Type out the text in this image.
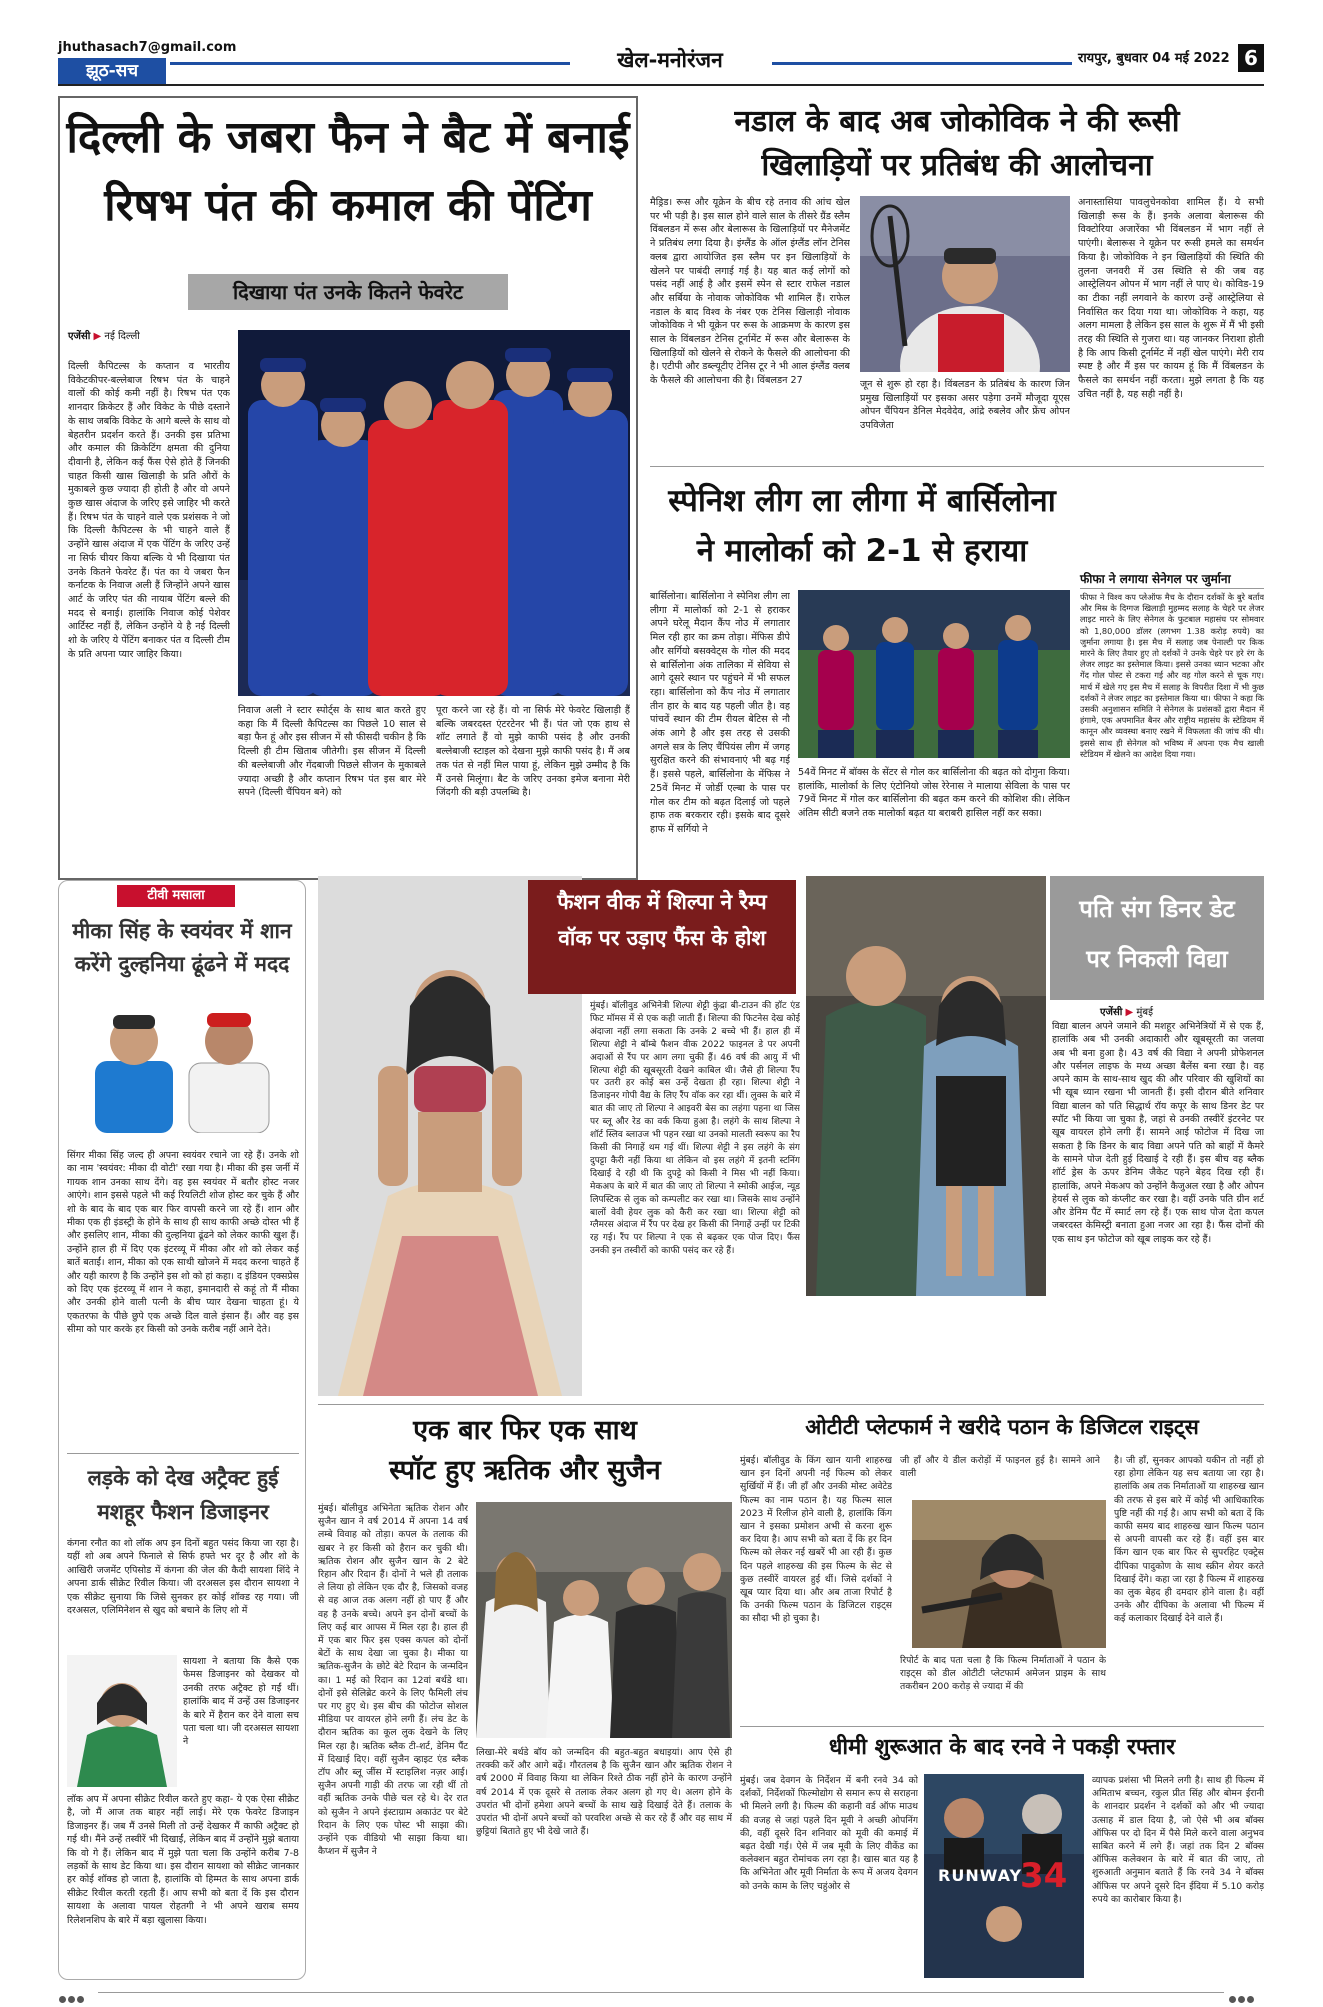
jhuthasach7@gmail.com
झूठ-सच	खेल-मनोरंजन	रायपुर, बुधवार 04 मई 2022 6
दिल्ली के जबरा फैन ने बैट में बनाई
रिषभ पंत की कमाल की पेंटिंग
दिखाया पंत उनके कितने फेवरेट
एजेंसी ▶ नई दिल्ली
दिल्ली कैपिटल्स के कप्तान व भारतीय विकेटकीपर-बल्लेबाज रिषभ पंत के चाहने वालों की कोई कमी नहीं है। रिषभ पंत एक शानदार क्रिकेटर हैं और विकेट के पीछे दस्ताने के साथ जबकि विकेट के आगे बल्ले के साथ वो बेहतरीन प्रदर्शन करते हैं। उनकी इस प्रतिभा और कमाल की क्रिकेटिंग क्षमता की दुनिया दीवानी है, लेकिन कई फैंस ऐसे होते हैं जिनकी चाहत किसी खास खिलाड़ी के प्रति औरों के मुकाबले कुछ ज्यादा ही होती है और वो अपने कुछ खास अंदाज के जरिए इसे जाहिर भी करते हैं। रिषभ पंत के चाहने वाले एक प्रशंसक ने जो कि दिल्ली कैपिटल्स के भी चाहने वाले हैं उन्होंने खास अंदाज में एक पेंटिंग के जरिए उन्हें ना सिर्फ चीयर किया बल्कि ये भी दिखाया पंत उनके कितने फेवरेट हैं। पंत का ये जबरा फैन कर्नाटक के निवाज अली हैं जिन्होंने अपने खास आर्ट के जरिए पंत की नायाब पेंटिंग बल्ले की मदद से बनाई। हालांकि निवाज कोई पेशेवर आर्टिस्ट नहीं हैं, लेकिन उन्होंने ये है नई दिल्ली शो के जरिए ये पेंटिंग बनाकर पंत व दिल्ली टीम के प्रति अपना प्यार जाहिर किया।
निवाज अली ने स्टार स्पोर्ट्स के साथ बात करते हुए कहा कि मैं दिल्ली कैपिटल्स का पिछले 10 साल से बड़ा फैन हूं और इस सीजन में सौ फीसदी चकीन है कि दिल्ली ही टीम खिताब जीतेगी। इस सीजन में दिल्ली की बल्लेबाजी और गेंदबाजी पिछले सीजन के मुकाबले ज्यादा अच्छी है और कप्तान रिषभ पंत इस बार मेरे सपने (दिल्ली चैंपियन बने) को
पूरा करने जा रहे हैं। वो ना सिर्फ मेरे फेवरेट खिलाड़ी हैं बल्कि जबरदस्त एंटरटेनर भी हैं। पंत जो एक हाथ से शॉट लगाते हैं वो मुझे काफी पसंद है और उनकी बल्लेबाजी स्टाइल को देखना मुझे काफी पसंद है। मैं अब तक पंत से नहीं मिल पाया हूं, लेकिन मुझे उम्मीद है कि मैं उनसे मिलूंगा। बैट के जरिए उनका इमेज बनाना मेरी जिंदगी की बड़ी उपलब्धि है।
नडाल के बाद अब जोकोविक ने की रूसी
खिलाड़ियों पर प्रतिबंध की आलोचना
मैड्रिड। रूस और यूक्रेन के बीच रहे तनाव की आंच खेल पर भी पड़ी है। इस साल होने वाले साल के तीसरे ग्रैंड स्लैम विंबलडन में रूस और बेलारूस के खिलाड़ियों पर मैनेजमेंट ने प्रतिबंध लगा दिया है। इंग्लैंड के ऑल इंग्लैंड लॉन टेनिस क्लब द्वारा आयोजित इस स्लैम पर इन खिलाड़ियों के खेलने पर पाबंदी लगाई गई है। यह बात कई लोगों को पसंद नहीं आई है और इसमें स्पेन से स्टार राफेल नडाल और सर्बिया के नोवाक जोकोविक भी शामिल हैं। राफेल नडाल के बाद विश्व के नंबर एक टेनिस खिलाड़ी नोवाक जोकोविक ने भी यूक्रेन पर रूस के आक्रमण के कारण इस साल के विंबलडन टेनिस टूर्नामेंट में रूस और बेलारूस के खिलाड़ियों को खेलने से रोकने के फैसले की आलोचना की है। एटीपी और डब्ल्यूटीए टेनिस टूर ने भी आल इंग्लैंड क्लब के फैसले की आलोचना की है। विंबलडन 27	जून से शुरू हो रहा है। विंबलडन के प्रतिबंध के कारण जिन प्रमुख खिलाड़ियों पर इसका असर पड़ेगा उनमें मौजूदा यूएस ओपन चैंपियन डेनिल मेदवेदेव, आंद्रे रुबलेव और फ्रेंच ओपन उपविजेता
अनास्तासिया पावलुचेनकोवा शामिल हैं। ये सभी खिलाड़ी रूस के हैं। इनके अलावा बेलारूस की विक्टोरिया अजारेंका भी विंबलडन में भाग नहीं ले पाएंगी। बेलारूस ने यूक्रेन पर रूसी हमले का समर्थन किया है। जोकोविक ने इन खिलाड़ियों की स्थिति की तुलना जनवरी में उस स्थिति से की जब वह आस्ट्रेलियन ओपन में भाग नहीं ले पाए थे। कोविड-19 का टीका नहीं लगवाने के कारण उन्हें आस्ट्रेलिया से निर्वासित कर दिया गया था। जोकोविक ने कहा, यह अलग मामला है लेकिन इस साल के शुरू में मैं भी इसी तरह की स्थिति से गुजरा था। यह जानकर निराशा होती है कि आप किसी टूर्नामेंट में नहीं खेल पाएंगे। मेरी राय स्पष्ट है और मैं इस पर कायम हूं कि मैं विंबलडन के फैसले का समर्थन नहीं करता। मुझे लगता है कि यह उचित नहीं है, यह सही नहीं है।
स्पेनिश लीग ला लीगा में बार्सिलोना
ने मालोर्का को 2-1 से हराया
बार्सिलोना। बार्सिलोना ने स्पेनिश लीग ला लीगा में मालोर्का को 2-1 से हराकर अपने घरेलू मैदान कैंप नोउ में लगातार मिल रही हार का क्रम तोड़ा। मेंफिस डीपे और सर्गियो बसक्वेट्स के गोल की मदद से बार्सिलोना अंक तालिका में सेविया से आगे दूसरे स्थान पर पहुंचने में भी सफल रहा। बार्सिलोना को कैंप नोउ में लगातार तीन हार के बाद यह पहली जीत है। वह पांचवें स्थान की टीम रीयल बेटिस से नौ अंक आगे है और इस तरह से उसकी अगले सत्र के लिए चैंपियंस लीग में जगह सुरक्षित करने की संभावनाएं भी बढ़ गई हैं। इससे पहले, बार्सिलोना के मेंफिस ने 25वें मिनट में जोर्डी एल्बा के पास पर गोल कर टीम को बढ़त दिलाई जो पहले हाफ तक बरकरार रही। इसके बाद दूसरे हाफ में सर्गियो ने
54वें मिनट में बॉक्स के सेंटर से गोल कर बार्सिलोना की बढ़त को दोगुना किया। हालांकि, मालोर्का के लिए एंटोनियो जोस रेरेनास ने मालाया सेविला के पास पर 79वें मिनट में गोल कर बार्सिलोना की बढ़त कम करने की कोशिश की। लेकिन अंतिम सीटी बजने तक मालोर्का बढ़त या बराबरी हासिल नहीं कर सका।
फीफा ने लगाया सेनेगल पर जुर्माना
फीफा ने विश्व कप प्लेऑफ मैच के दौरान दर्शकों के बुरे बर्ताव और मिस्र के दिग्गज खिलाड़ी मुहम्मद सलाह के चेहरे पर लेजर लाइट मारने के लिए सेनेगल के फुटबाल महासंघ पर सोमवार को 1,80,000 डॉलर (लगभग 1.38 करोड़ रुपये) का जुर्माना लगाया है। इस मैच में सलाह जब पेनाल्टी पर किक मारने के लिए तैयार हुए तो दर्शकों ने उनके चेहरे पर हरे रंग के लेजर लाइट का इस्तेमाल किया। इससे उनका ध्यान भटका और गेंद गोल पोस्ट से टकरा गई और वह गोल करने से चूक गए। मार्च में खेले गए इस मैच में सलाह के विपरीत दिशा में भी कुछ दर्शकों ने लेजर लाइट का इस्तेमाल किया था। फीफा ने कहा कि उसकी अनुशासन समिति ने सेनेगल के प्रशंसकों द्वारा मैदान में हंगामे, एक अपमानित बैनर और राष्ट्रीय महासंघ के स्टेडियम में कानून और व्यवस्था बनाए रखने में विफलता की जांच की थी। इससे साथ ही सेनेगल को भविष्य में अपना एक मैच खाली स्टेडियम में खेलने का आदेश दिया गया।
टीवी मसाला
मीका सिंह के स्वयंवर में शान करेंगे दुल्हनिया ढूंढने में मदद
सिंगर मीका सिंह जल्द ही अपना स्वयंवर रचाने जा रहे हैं। उनके शो का नाम 'स्वयंवर: मीका दी वोटी' रखा गया है। मीका की इस जर्नी में गायक शान उनका साथ देंगे। वह इस स्वयंवर में बतौर होस्ट नजर आएंगे। शान इससे पहले भी कई रियलिटी शोज होस्ट कर चुके हैं और शो के बाद के बाद एक बार फिर वापसी करने जा रहे हैं। शान और मीका एक ही इंडस्ट्री के होने के साथ ही साथ काफी अच्छे दोस्त भी हैं और इसलिए शान, मीका की दुल्हनिया ढूंढने को लेकर काफी खुश हैं। उन्होंने हाल ही में दिए एक इंटरव्यू में मीका और शो को लेकर कई बातें बताईं। शान, मीका को एक साथी खोजने में मदद करना चाहते हैं और यही कारण है कि उन्होंने इस शो को हां कहा। द इंडियन एक्सप्रेस को दिए एक इंटरव्यू में शान ने कहा, इमानदारी से कहूं तो मैं मीका और उनकी होने वाली पत्नी के बीच प्यार देखना चाहता हूं। ये एकतरफा के पीछे छुपे एक अच्छे दिल वाले इंसान हैं। और वह इस सीमा को पार करके हर किसी को उनके करीब नहीं आने देते।
लड़के को देख अट्रैक्ट हुई मशहूर फैशन डिजाइनर
कंगना रनौत का शो लॉक अप इन दिनों बहुत पसंद किया जा रहा है। यहीं शो अब अपने फिनाले से सिर्फ हफ्ते भर दूर है और शो के आखिरी जजमेंट एपिसोड में कंगना की जेल की कैदी सायशा शिंदे ने अपना डार्क सीक्रेट रिवील किया। जी दरअसल इस दौरान सायशा ने एक सीक्रेट सुनाया कि जिसे सुनकर हर कोई शॉक्ड रह गया। जी दरअसल, एलिमिनेशन से खुद को बचाने के लिए शो में
सायशा ने बताया कि कैसे एक फेमस डिजाइनर को देखकर वो उनकी तरफ अट्रैक्ट हो गईं थीं। हालांकि बाद में उन्हें उस डिजाइनर के बारे में हैरान कर देने वाला सच पता चला था। जी दरअसल सायशा ने
लॉक अप में अपना सीक्रेट रिवील करते हुए कहा- ये एक ऐसा सीक्रेट है, जो मैं आज तक बाहर नहीं लाई। मेरे एक फेवरेट डिजाइन डिजाइनर हैं। जब मैं उनसे मिली तो उन्हें देखकर मैं काफी अट्रैक्ट हो गई थी। मैंने उन्हें तस्वीरें भी दिखाईं, लेकिन बाद में उन्होंने मुझे बताया कि वो गे हैं। लेकिन बाद में मुझे पता चला कि उन्होंने करीब 7-8 लड़कों के साथ डेट किया था। इस दौरान सायशा को सीक्रेट जानकार हर कोई शॉक्ड हो जाता है, हालांकि वो हिम्मत के साथ अपना डार्क सीक्रेट रिवील करती रहती हैं। आप सभी को बता दें कि इस दौरान सायशा के अलावा पायल रोहतगी ने भी अपने खराब समय रिलेशनशिप के बारे में बड़ा खुलासा किया।
फैशन वीक में शिल्पा ने रैम्प वॉक पर उड़ाए फैंस के होश
मुंबई। बॉलीवुड अभिनेत्री शिल्पा शेट्टी कुंद्रा बी-टाउन की हॉट एंड फिट मॉमस में से एक कही जाती हैं। शिल्पा की फिटनेस देख कोई अंदाजा नहीं लगा सकता कि उनके 2 बच्चे भी हैं। हाल ही में शिल्पा शेट्टी ने बॉम्बे फैशन वीक 2022 फाइनल डे पर अपनी अदाओं से रैंप पर आग लगा चुकी हैं। 46 वर्ष की आयु में भी शिल्पा शेट्टी की खूबसूरती देखने काबिल थी। जैसे ही शिल्पा रैंप पर उतरी हर कोई बस उन्हें देखता ही रहा। शिल्पा शेट्टी ने डिजाइनर गोपी वैद्य के लिए रैंप वॉक कर रहा थीं। लुक्स के बारे में बात की जाए तो शिल्पा ने आइवरी बेस का लहंगा पहना था जिस पर ब्लू और रेड का वर्क किया हुआ है। लहंगे के साथ शिल्पा ने शॉर्ट स्लिव ब्लाउज भी पहन रखा था उनको मालती स्वरूप का रैप किसी की निगाहें थम गई थीं। शिल्पा शेट्टी ने इस लहंगे के संग दुपट्टा कैरी नहीं किया था लेकिन वो इस लहंगे में इतनी स्टनिंग दिखाई दे रही थी कि दुपट्टे को किसी ने मिस भी नहीं किया। मेकअप के बारे में बात की जाए तो शिल्पा ने स्मोकी आईज, न्यूड लिपस्टिक से लुक को कम्पलीट कर रखा था। जिसके साथ उन्होंने बालों वेवी हेयर लुक को कैरी कर रखा था। शिल्पा शेट्टी को ग्लैमरस अंदाज में रैंप पर देख हर किसी की निगाहें उन्हीं पर टिकी रह गई। रैंप पर शिल्पा ने एक से बढ़कर एक पोज दिए। फैंस उनकी इन तस्वीरों को काफी पसंद कर रहे हैं।
पति संग डिनर डेट
पर निकली विद्या
एजेंसी ▶ मुंबई
विद्या बालन अपने जमाने की मशहूर अभिनेत्रियों में से एक हैं, हालांकि अब भी उनकी अदाकारी और खूबसूरती का जलवा अब भी बना हुआ है। 43 वर्ष की विद्या ने अपनी प्रोफेशनल और पर्सनल लाइफ के मध्य अच्छा बैलेंस बना रखा है। वह अपने काम के साथ-साथ खुद की और परिवार की खुशियों का भी खूब ध्यान रखना भी जानती हैं। इसी दौरान बीते शनिवार विद्या बालन को पति सिद्धार्थ रॉय कपूर के साथ डिनर डेट पर स्पॉट भी किया जा चुका है, जहां से उनकी तस्वीरें इंटरनेट पर खूब वायरल होने लगी हैं। सामने आई फोटोज में दिख जा सकता है कि डिनर के बाद विद्या अपने पति को बाहों में कैमरे के सामने पोज देती हुई दिखाई दे रही हैं। इस बीच वह ब्लैक शॉर्ट ड्रेस के ऊपर डेनिम जैकेट पहने बेहद दिख रही हैं। हालांकि, अपने मेकअप को उन्होंने कैजुअल रखा है और ओपन हेयर्स से लुक को कंप्लीट कर रखा है। वहीं उनके पति ग्रीन शर्ट और डेनिम पैंट में स्मार्ट लग रहे हैं। एक साथ पोज देता कपल जबरदस्त केमिस्ट्री बनाता हुआ नजर आ रहा है। फैंस दोनों की एक साथ इन फोटोज को खूब लाइक कर रहे हैं।
एक बार फिर एक साथ
स्पॉट हुए ऋतिक और सुजैन
मुंबई। बॉलीवुड अभिनेता ऋतिक रोशन और सुजैन खान ने वर्ष 2014 में अपना 14 वर्ष लम्बे विवाह को तोड़ा। कपल के तलाक की खबर ने हर किसी को हैरान कर चुकी थी। ऋतिक रोशन और सुजैन खान के 2 बेटे रिहान और रिदान हैं। दोनों ने भले ही तलाक ले लिया हो लेकिन एक दौर है, जिसको वजह से वह आज तक अलग नहीं हो पाए हैं और वह है उनके बच्चे। अपने इन दोनों बच्चों के लिए कई बार आपस में मिल रहा है। हाल ही में एक बार फिर इस एक्स कपल को दोनों बेटों के साथ देखा जा चुका है। मीका या ऋतिक-सुजैन के छोटे बेटे रिदान के जन्मदिन का। 1 मई को रिदान का 12वां बर्थडे था। दोनों इसे सेलिब्रेट करने के लिए फैमिली लंच पर गए हुए थे। इस बीच की फोटोज सोशल मीडिया पर वायरल होने लगी हैं। लंच डेट के दौरान ऋतिक का कूल लुक देखने के लिए मिल रहा है। ऋतिक ब्लैक टी-शर्ट, डेनिम पैंट में दिखाई दिए। वहीं सुजैन व्हाइट एंड ब्लैक टॉप और ब्लू जींस में स्टाइलिश नज़र आई। सुजैन अपनी गाड़ी की तरफ जा रही थीं तो वहीं ऋतिक उनके पीछे चल रहे थे। देर रात को सुजैन ने अपने इंस्टाग्राम अकाउंट पर बेटे रिदान के लिए एक पोस्ट भी साझा की। उन्होंने एक वीडियो भी साझा किया था। कैप्शन में सुजैन ने
लिखा-मेरे बर्थडे बॉय को जन्मदिन की बहुत-बहुत बधाइयां। आप ऐसे ही तरक्की करें और आगे बढ़ें। गौरतलब है कि सुजैन खान और ऋतिक रोशन ने वर्ष 2000 में विवाह किया था लेकिन रिश्ते ठीक नहीं होने के कारण उन्होंने वर्ष 2014 में एक दूसरे से तलाक लेकर अलग हो गए थे। अलग होने के उपरांत भी दोनों हमेशा अपने बच्चों के साथ खड़े दिखाई देते हैं। तलाक के उपरांत भी दोनों अपने बच्चों को परवरिश अच्छे से कर रहे हैं और वह साथ में छुट्टियां बिताते हुए भी देखे जाते हैं।
ओटीटी प्लेटफार्म ने खरीदे पठान के डिजिटल राइट्स
मुंबई। बॉलीवुड के किंग खान यानी शाहरुख खान इन दिनों अपनी नई फिल्म को लेकर सुर्खियों में हैं। जी हाँ और उनकी मोस्ट अवेटेड फिल्म का नाम पठान है। यह फिल्म साल 2023 में रिलीज होने वाली है, हालांकि किंग खान ने इसका प्रमोशन अभी से करना शुरू कर दिया है। आप सभी को बता दें कि हर दिन फिल्म को लेकर नई खबरें भी आ रही हैं। कुछ दिन पहले शाहरुख की इस फिल्म के सेट से कुछ तस्वीरें वायरल हुई थीं। जिसे दर्शकों ने खूब प्यार दिया था। और अब ताजा रिपोर्ट है कि उनकी फिल्म पठान के डिजिटल राइट्स का सौदा भी हो चुका है।
जी हाँ और ये डील करोड़ों में फाइनल हुई है। सामने आने वाली
रिपोर्ट के बाद पता चला है कि फिल्म निर्माताओं ने पठान के राइट्स को डील ओटीटी प्लेटफार्म अमेजन प्राइम के साथ तकरीबन 200 करोड़ से ज्यादा में की
है। जी हाँ, सुनकर आपको यकीन तो नहीं हो रहा होगा लेकिन यह सच बताया जा रहा है। हालांकि अब तक निर्माताओं या शाहरुख खान की तरफ से इस बारे में कोई भी आधिकारिक पुष्टि नहीं की गई है। आप सभी को बता दें कि काफी समय बाद शाहरुख खान फिल्म पठान से अपनी वापसी कर रहे हैं। वहीं इस बार किंग खान एक बार फिर से सुपरहिट एक्ट्रेस दीपिका पादुकोण के साथ स्क्रीन शेयर करते दिखाई देंगे। कहा जा रहा है फिल्म में शाहरुख का लुक बेहद ही दमदार होने वाला है। वहीं उनके और दीपिका के अलावा भी फिल्म में कई कलाकार दिखाई देने वाले हैं।
धीमी शुरूआत के बाद रनवे ने पकड़ी रफ्तार
मुंबई। जब देवगन के निर्देशन में बनी रनवे 34 को दर्शकों, निर्देशकों फिल्मोद्योग से समान रूप से सराहना भी मिलने लगी है। फिल्म की कहानी वर्ड ऑफ माउथ की वजह से जहां पहले दिन मूवी ने अच्छी ओपनिंग की, वहीं दूसरे दिन शनिवार को मूवी की कमाई में बढ़त देखी गई। ऐसे में जब मूवी के लिए वीकेंड का कलेक्शन बहुत रोमांचक लग रहा है। खास बात यह है कि अभिनेता और मूवी निर्माता के रूप में अजय देवगन को उनके काम के लिए चहुंओर से
RUNWAY
34
व्यापक प्रशंसा भी मिलने लगी है। साथ ही फिल्म में अमिताभ बच्चन, रकुल प्रीत सिंह और बोमन ईरानी के शानदार प्रदर्शन ने दर्शकों को और भी ज्यादा उत्साह में डाल दिया है, जो ऐसे भी अब बॉक्स ऑफिस पर दो दिन में पैसे मिले करने वाला अनुभव साबित करने में लगे हैं। जहां तक दिन 2 बॉक्स ऑफिस कलेक्शन के बारे में बात की जाए, तो शुरुआती अनुमान बताते हैं कि रनवे 34 ने बॉक्स ऑफिस पर अपने दूसरे दिन ईदिया में 5.10 करोड़ रुपये का कारोबार किया है।
